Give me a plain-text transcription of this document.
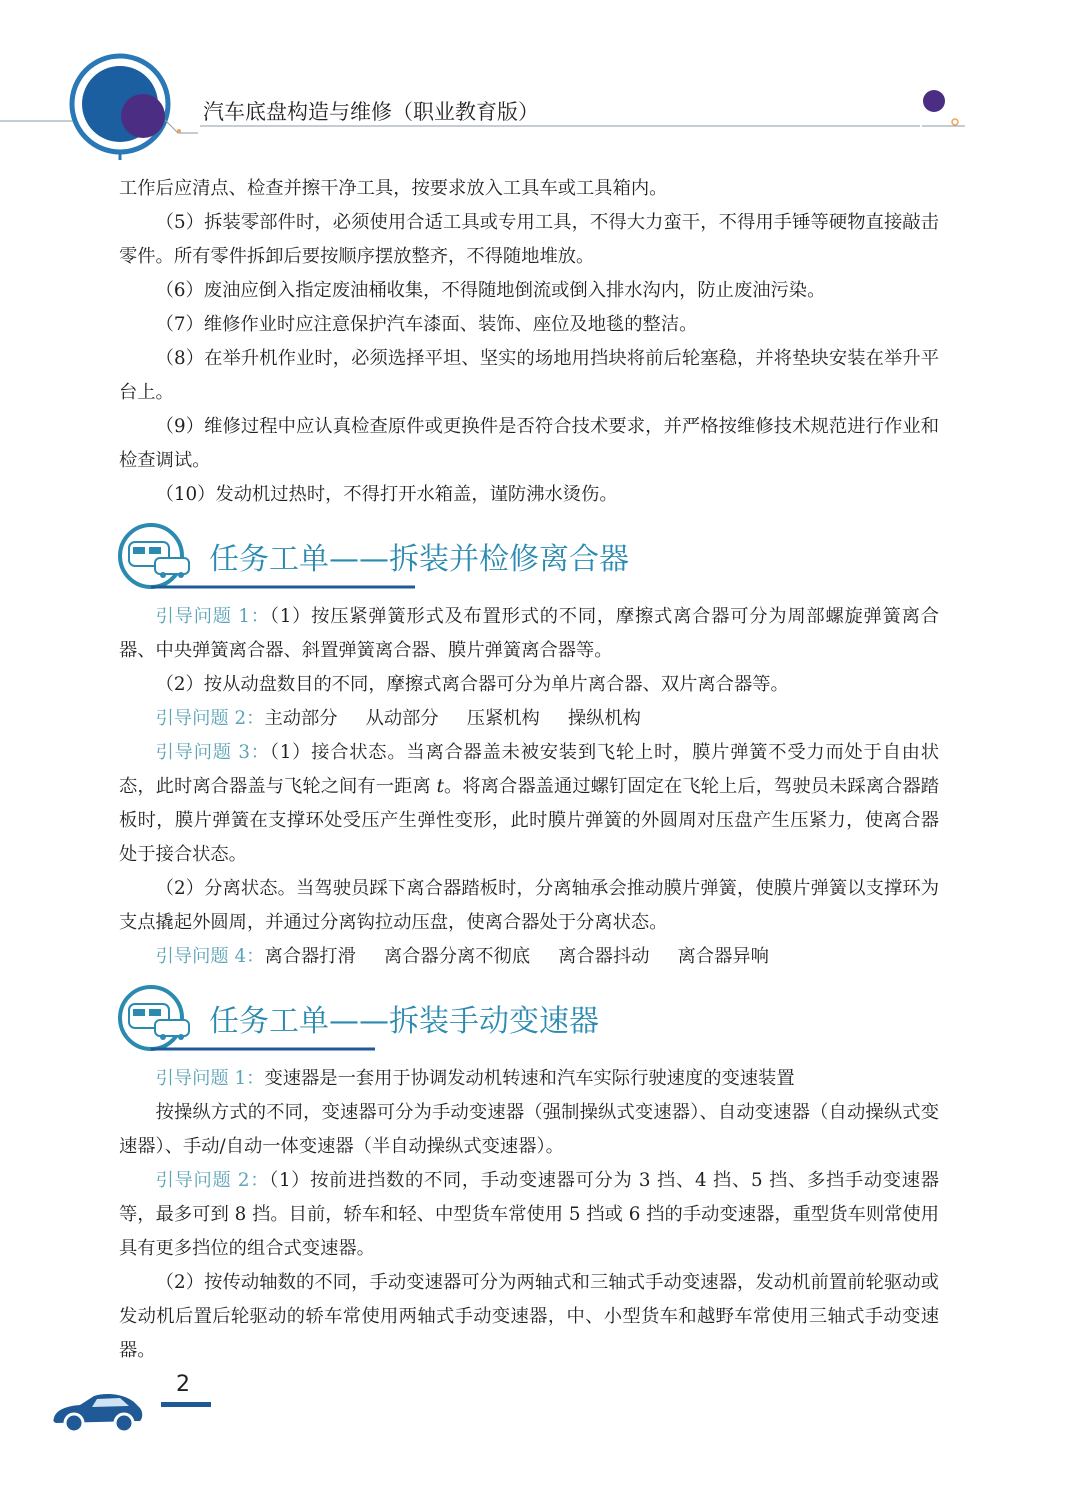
汽车底盘构造与维修（职业教育版）

工作后应清点、检查并擦干净工具，按要求放入工具车或工具箱内。

（5）拆装零部件时，必须使用合适工具或专用工具，不得大力蛮干，不得用手锤等硬物直接敲击零件。所有零件拆卸后要按顺序摆放整齐，不得随地堆放。

（6）废油应倒入指定废油桶收集，不得随地倒流或倒入排水沟内，防止废油污染。

（7）维修作业时应注意保护汽车漆面、装饰、座位及地毯的整洁。

（8）在举升机作业时，必须选择平坦、坚实的场地用挡块将前后轮塞稳，并将垫块安装在举升平台上。

（9）维修过程中应认真检查原件或更换件是否符合技术要求，并严格按维修技术规范进行作业和检查调试。

（10）发动机过热时，不得打开水箱盖，谨防沸水烫伤。

任务工单——拆装并检修离合器

引导问题 1：（1）按压紧弹簧形式及布置形式的不同，摩擦式离合器可分为周部螺旋弹簧离合器、中央弹簧离合器、斜置弹簧离合器、膜片弹簧离合器等。

（2）按从动盘数目的不同，摩擦式离合器可分为单片离合器、双片离合器等。

引导问题 2：主动部分 从动部分 压紧机构 操纵机构

引导问题 3：（1）接合状态。当离合器盖未被安装到飞轮上时，膜片弹簧不受力而处于自由状态，此时离合器盖与飞轮之间有一距离 t。将离合器盖通过螺钉固定在飞轮上后，驾驶员未踩离合器踏板时，膜片弹簧在支撑环处受压产生弹性变形，此时膜片弹簧的外圆周对压盘产生压紧力，使离合器处于接合状态。

（2）分离状态。当驾驶员踩下离合器踏板时，分离轴承会推动膜片弹簧，使膜片弹簧以支撑环为支点撬起外圆周，并通过分离钩拉动压盘，使离合器处于分离状态。

引导问题 4：离合器打滑 离合器分离不彻底 离合器抖动 离合器异响

任务工单——拆装手动变速器

引导问题 1：变速器是一套用于协调发动机转速和汽车实际行驶速度的变速装置

按操纵方式的不同，变速器可分为手动变速器（强制操纵式变速器）、自动变速器（自动操纵式变速器）、手动/自动一体变速器（半自动操纵式变速器）。

引导问题 2：（1）按前进挡数的不同，手动变速器可分为 3 挡、4 挡、5 挡、多挡手动变速器等，最多可到 8 挡。目前，轿车和轻、中型货车常使用 5 挡或 6 挡的手动变速器，重型货车则常使用具有更多挡位的组合式变速器。

（2）按传动轴数的不同，手动变速器可分为两轴式和三轴式手动变速器，发动机前置前轮驱动或发动机后置后轮驱动的轿车常使用两轴式手动变速器，中、小型货车和越野车常使用三轴式手动变速器。

2
